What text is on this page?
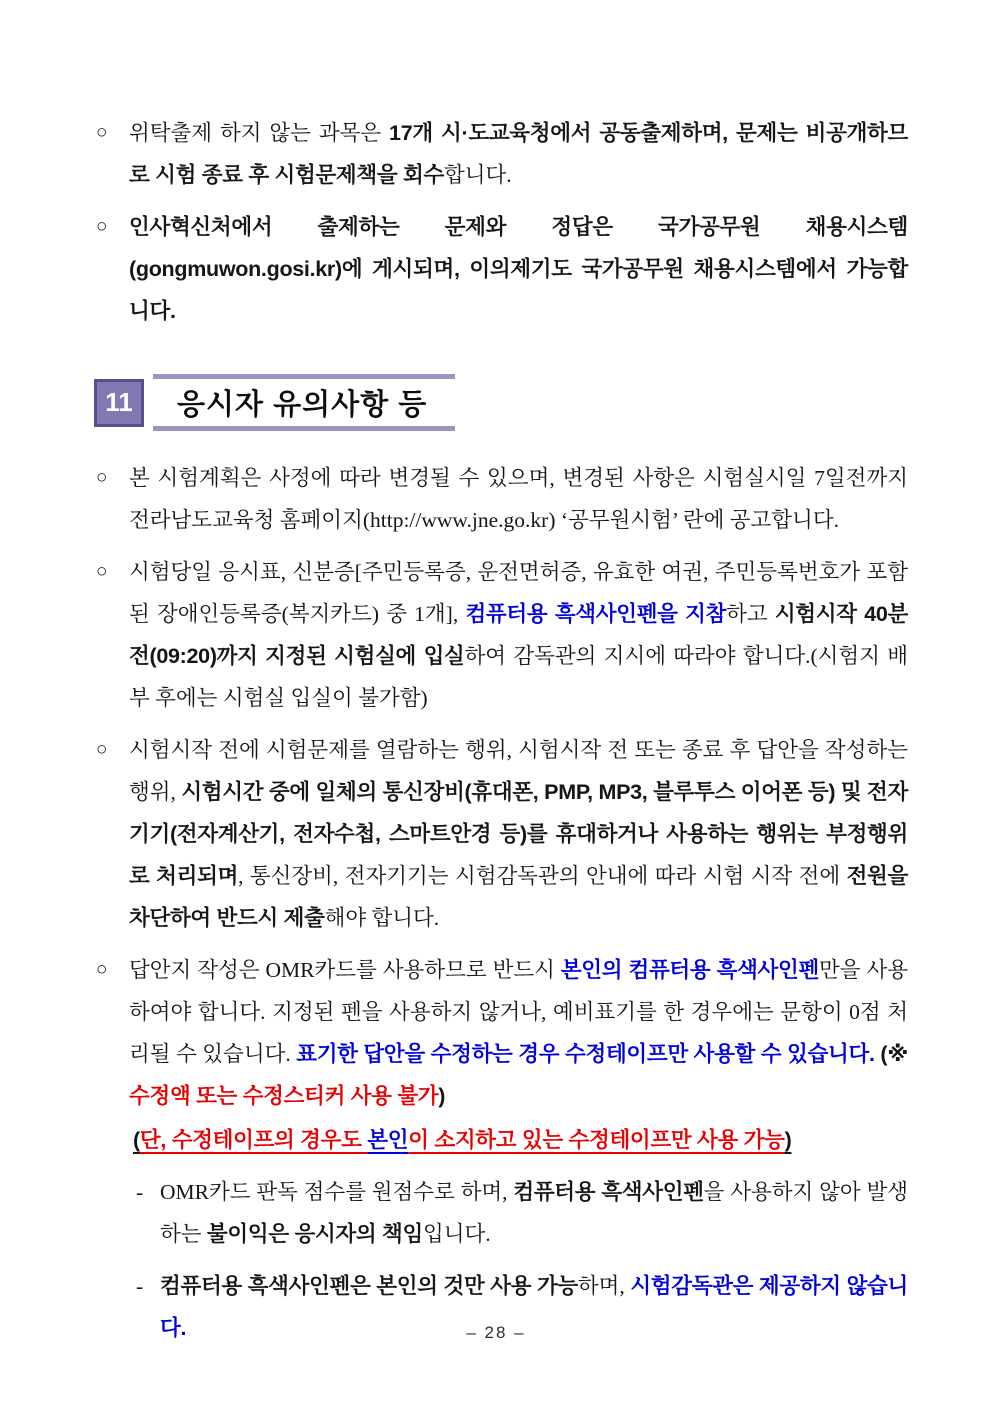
○	위탁출제 하지 않는 과목은 17개 시·도교육청에서 공동출제하며, 문제는 비공개하므로 시험 종료 후 시험문제책을 회수합니다.
○	인사혁신처에서 출제하는 문제와 정답은 국가공무원 채용시스템(gongmuwon.gosi.kr)에 게시되며, 이의제기도 국가공무원 채용시스템에서 가능합니다.
11	응시자 유의사항 등
○	본 시험계획은 사정에 따라 변경될 수 있으며, 변경된 사항은 시험실시일 7일전까지 전라남도교육청 홈페이지(http://www.jne.go.kr) ‘공무원시험’ 란에 공고합니다.
○	시험당일 응시표, 신분증[주민등록증, 운전면허증, 유효한 여권, 주민등록번호가 포함된 장애인등록증(복지카드) 중 1개], 컴퓨터용 흑색사인펜을 지참하고 시험시작 40분전(09:20)까지 지정된 시험실에 입실하여 감독관의 지시에 따라야 합니다.(시험지 배부 후에는 시험실 입실이 불가함)
○	시험시작 전에 시험문제를 열람하는 행위, 시험시작 전 또는 종료 후 답안을 작성하는 행위, 시험시간 중에 일체의 통신장비(휴대폰, PMP, MP3, 블루투스 이어폰 등) 및 전자기기(전자계산기, 전자수첩, 스마트안경 등)를 휴대하거나 사용하는 행위는 부정행위로 처리되며, 통신장비, 전자기기는 시험감독관의 안내에 따라 시험 시작 전에 전원을 차단하여 반드시 제출해야 합니다.
○	답안지 작성은 OMR카드를 사용하므로 반드시 본인의 컴퓨터용 흑색사인펜만을 사용하여야 합니다. 지정된 펜을 사용하지 않거나, 예비표기를 한 경우에는 문항이 0점 처리될 수 있습니다. 표기한 답안을 수정하는 경우 수정테이프만 사용할 수 있습니다. (※ 수정액 또는 수정스티커 사용 불가)
(단, 수정테이프의 경우도 본인이 소지하고 있는 수정테이프만 사용 가능)
- OMR카드 판독 점수를 원점수로 하며, 컴퓨터용 흑색사인펜을 사용하지 않아 발생하는 불이익은 응시자의 책임입니다.
- 컴퓨터용 흑색사인펜은 본인의 것만 사용 가능하며, 시험감독관은 제공하지 않습니다.	– 28 –
